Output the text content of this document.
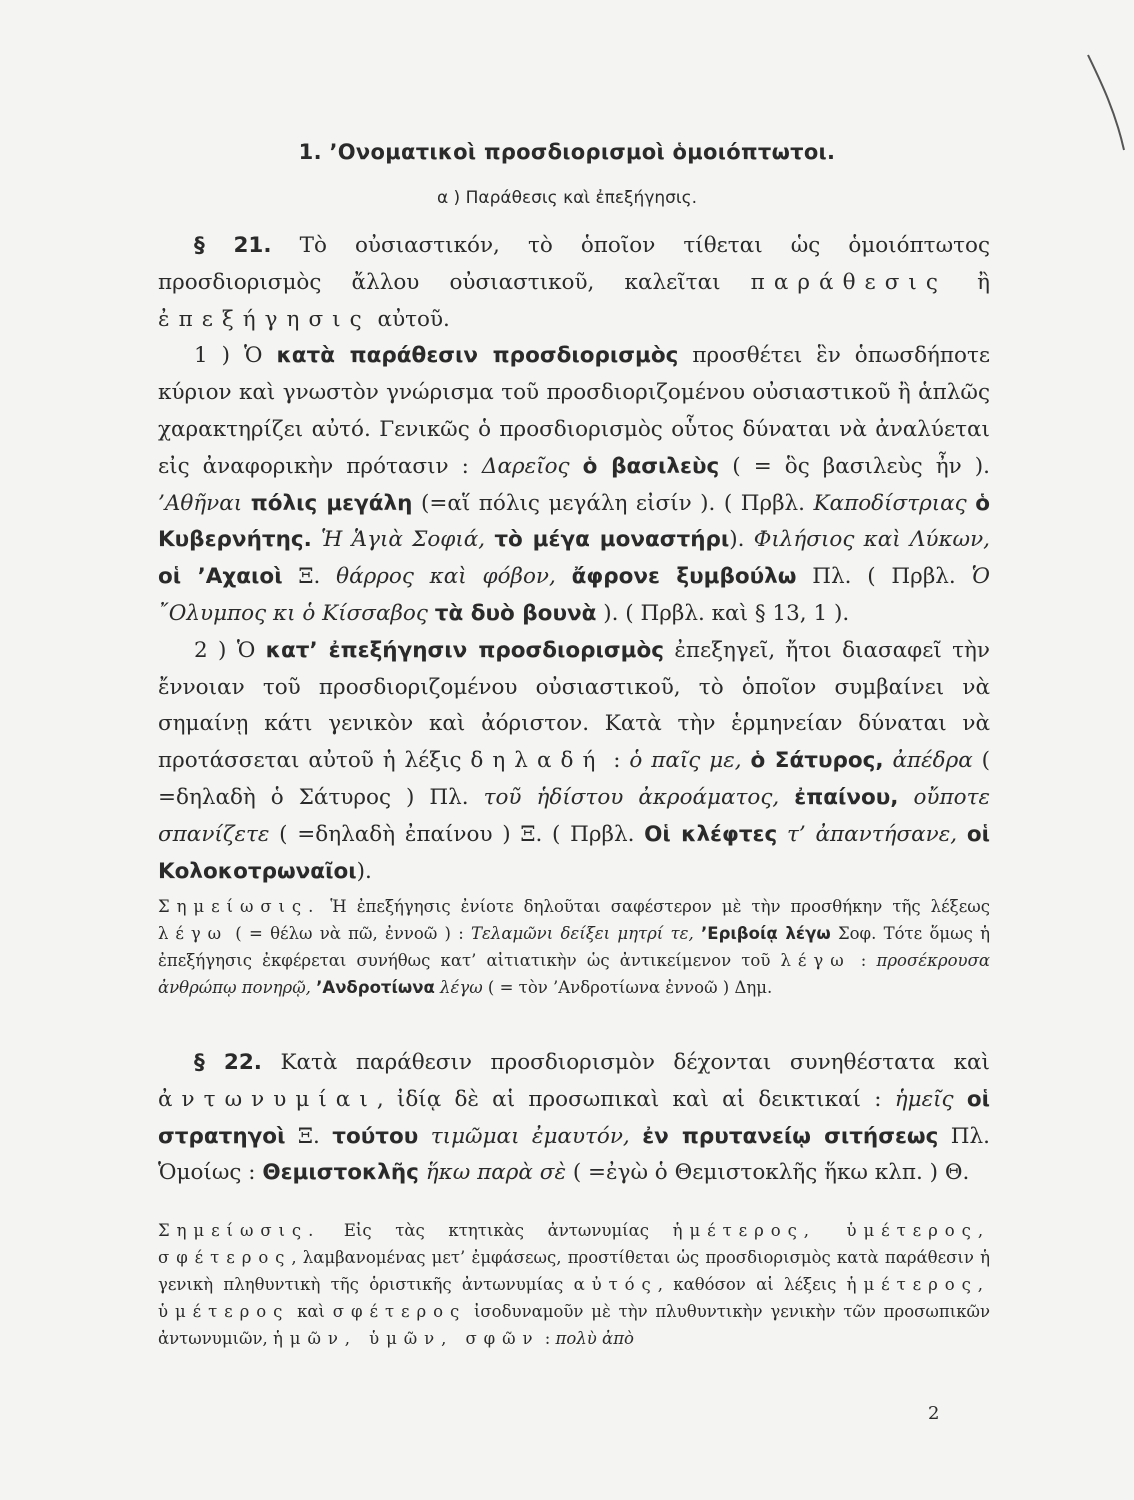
1. ’Ονοματικοὶ προσδιορισμοὶ ὁμοιόπτωτοι.
α ) Παράθεσις καὶ ἐπεξήγησις.

§ 21. Τὸ οὐσιαστικόν, τὸ ὁποῖον τίθεται ὡς ὁμοιόπτωτος προσδιορισμὸς ἄλλου οὐσιαστικοῦ, καλεῖται παράθεσις ἢ ἐπεξήγησις αὐτοῦ.

1 ) Ὁ κατὰ παράθεσιν προσδιορισμὸς προσθέτει ἓν ὁπωσδήποτε κύριον καὶ γνωστὸν γνώρισμα τοῦ προσδιοριζομένου οὐσιαστικοῦ ἢ ἁπλῶς χαρακτηρίζει αὐτό. Γενικῶς ὁ προσδιορισμὸς οὗτος δύναται νὰ ἀναλύεται εἰς ἀναφορικὴν πρότασιν : Δαρεῖος ὁ βασιλεὺς ( = ὃς βασιλεὺς ἦν ). ’Αθῆναι πόλις μεγάλη (=αἵ πόλις μεγάλη εἰσίν ). ( Πρβλ. Καποδίστριας ὁ Κυβερνήτης. Ἡ Ἁγιὰ Σοφιά, τὸ μέγα μοναστήρι). Φιλήσιος καὶ Λύκων, οἱ ’Αχαιοὶ Ξ. θάρρος καὶ φόβον, ἄφρονε ξυμβούλω Πλ. ( Πρβλ. Ὁ ῎Ολυμπος κι ὁ Κίσσαβος τὰ δυὸ βουνὰ ). ( Πρβλ. καὶ § 13, 1 ).

2 ) Ὁ κατ’ ἐπεξήγησιν προσδιορισμὸς ἐπεξηγεῖ, ἤτοι διασαφεῖ τὴν ἔννοιαν τοῦ προσδιοριζομένου οὐσιαστικοῦ, τὸ ὁποῖον συμβαίνει νὰ σημαίνῃ κάτι γενικὸν καὶ ἀόριστον. Κατὰ τὴν ἑρμηνείαν δύναται νὰ προτάσσεται αὐτοῦ ἡ λέξις δηλαδή : ὁ παῖς με, ὁ Σάτυρος, ἀπέδρα ( =δηλαδὴ ὁ Σάτυρος ) Πλ. τοῦ ἡδίστου ἀκροάματος, ἐπαίνου, οὔποτε σπανίζετε ( =δηλαδὴ ἐπαίνου ) Ξ. ( Πρβλ. Οἱ κλέφτες τ’ ἀπαντήσανε, οἱ Κολοκοτρωναῖοι).

Σημείωσις. Ἡ ἐπεξήγησις ἐνίοτε δηλοῦται σαφέστερον μὲ τὴν προσθήκην τῆς λέξεως λέγω ( = θέλω νὰ πῶ, ἐννοῶ ) : Τελαμῶνι δείξει μητρί τε, ’Εριβοίᾳ λέγω Σοφ. Τότε ὅμως ἡ ἐπεξήγησις ἐκφέρεται συνήθως κατ’ αἰτιατικὴν ὡς ἀντικείμενον τοῦ λέγω : προσέκρουσα ἀνθρώπῳ πονηρῷ, ’Ανδροτίωνα λέγω ( = τὸν ’Ανδροτίωνα ἐννοῶ ) Δημ.

§ 22. Κατὰ παράθεσιν προσδιορισμὸν δέχονται συνηθέστατα καὶ ἀντωνυμίαι, ἰδίᾳ δὲ αἱ προσωπικαὶ καὶ αἱ δεικτικαί : ἡμεῖς οἱ στρατηγοὶ Ξ. τούτου τιμῶμαι ἐμαυτόν, ἐν πρυτανείῳ σιτήσεως Πλ. Ὁμοίως : Θεμιστοκλῆς ἥκω παρὰ σὲ ( =ἐγὼ ὁ Θεμιστοκλῆς ἥκω κλπ. ) Θ.

Σημείωσις. Εἰς τὰς κτητικὰς ἀντωνυμίας ἡμέτερος, ὑμέτερος, σφέτερος, λαμβανομένας μετ’ ἐμφάσεως, προστίθεται ὡς προσδιορισμὸς κατὰ παράθεσιν ἡ γενικὴ πληθυντικὴ τῆς ὁριστικῆς ἀντωνυμίας αὐτός, καθόσον αἱ λέξεις ἡμέτερος, ὑμέτερος καὶ σφέτερος ἰσοδυναμοῦν μὲ τὴν πλυθυντικὴν γενικὴν τῶν προσωπικῶν ἀντωνυμιῶν, ἡμῶν, ὑμῶν, σφῶν : πολὺ ἀπὸ

2
